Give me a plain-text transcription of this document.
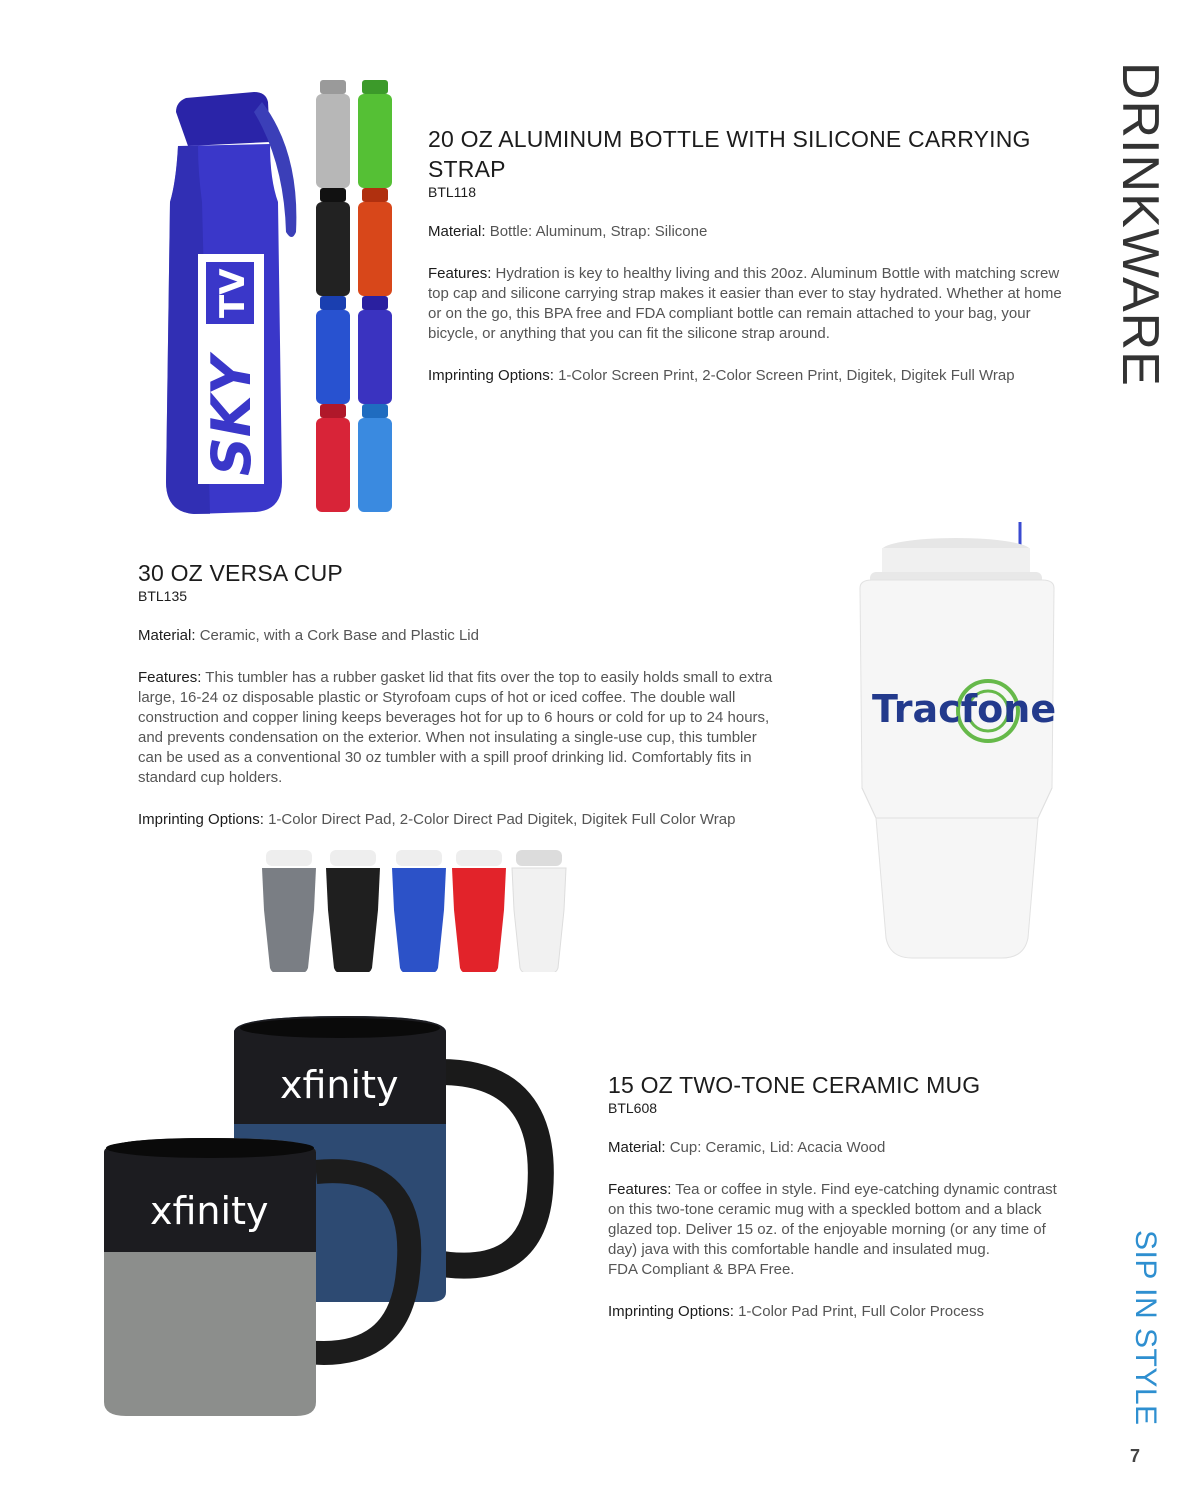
DRINKWARE
SIP IN STYLE
7
SKY
TV
20 OZ ALUMINUM BOTTLE WITH SILICONE CARRYING STRAP
BTL118

Material: Bottle: Aluminum, Strap: Silicone

Features: Hydration is key to healthy living and this 20oz. Aluminum Bottle with matching screw top cap and silicone carrying strap makes it easier than ever to stay hydrated. Whether at home or on the go, this BPA free and FDA compliant bottle can remain attached to your bag, your bicycle, or anything that you can fit the silicone strap around.

Imprinting Options: 1-Color Screen Print, 2-Color Screen Print, Digitek, Digitek Full Wrap

30 OZ VERSA CUP
BTL135

Material: Ceramic, with a Cork Base and Plastic Lid

Features: This tumbler has a rubber gasket lid that fits over the top to easily holds small to extra large, 16-24 oz disposable plastic or Styrofoam cups of hot or iced coffee. The double wall construction and copper lining keeps beverages hot for up to 6 hours or cold for up to 24 hours, and prevents condensation on the exterior. When not insulating a single-use cup, this tumbler can be used as a conventional 30 oz tumbler with a spill proof drinking lid. Comfortably fits in standard cup holders.

Imprinting Options: 1-Color Direct Pad, 2-Color Direct Pad Digitek, Digitek Full Color Wrap

Tracfone
xfinity
xfinity
15 OZ TWO-TONE CERAMIC MUG
BTL608

Material: Cup: Ceramic, Lid: Acacia Wood

Features: Tea or coffee in style. Find eye-catching dynamic contrast on this two-tone ceramic mug with a speckled bottom and a black glazed top. Deliver 15 oz. of the enjoyable morning (or any time of day) java with this comfortable handle and insulated mug.
FDA Compliant & BPA Free.

Imprinting Options: 1-Color Pad Print, Full Color Process
